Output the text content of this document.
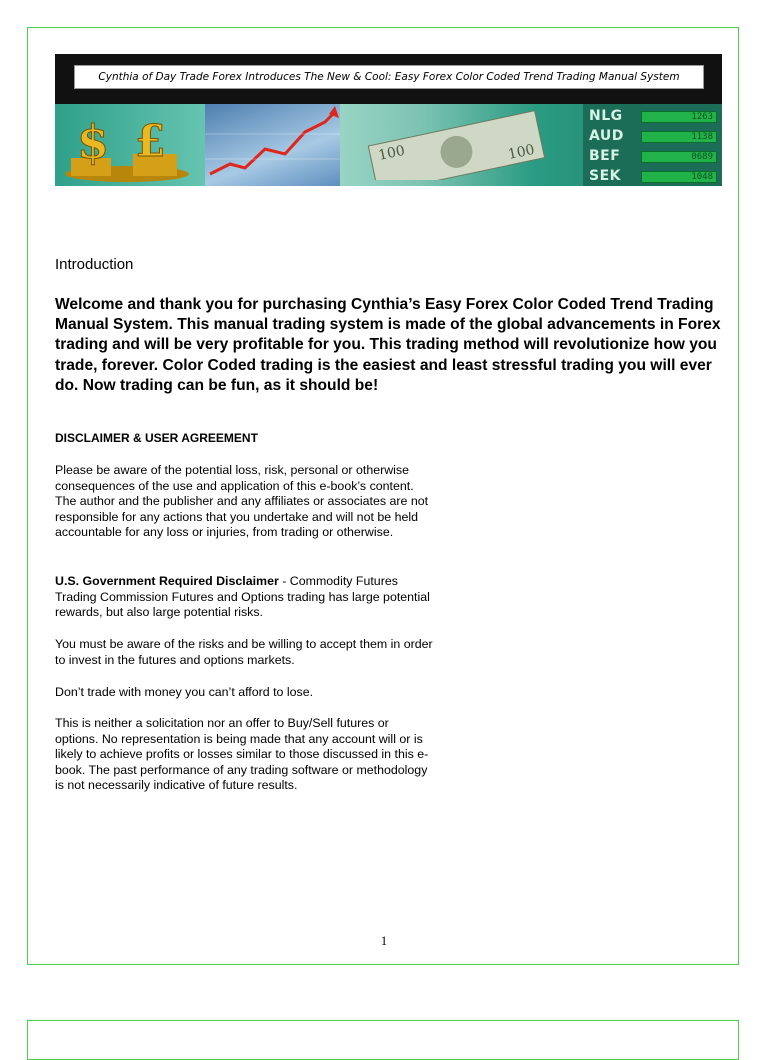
Cynthia of Day Trade Forex Introduces The New & Cool: Easy Forex Color Coded Trend Trading Manual System
$ £	100	100
NLG	1263
AUD	1138
BEF	0689
SEK	1048
Introduction
Welcome and thank you for purchasing Cynthia’s Easy Forex Color Coded Trend Trading Manual System. This manual trading system is made of the global advancements in Forex trading and will be very profitable for you. This trading method will revolutionize how you trade, forever. Color Coded trading is the easiest and least stressful trading you will ever do. Now trading can be fun, as it should be!
DISCLAIMER & USER AGREEMENT
Please be aware of the potential loss, risk, personal or otherwise consequences of the use and application of this e-book’s content. The author and the publisher and any affiliates or associates are not responsible for any actions that you undertake and will not be held accountable for any loss or injuries, from trading or otherwise.
U.S. Government Required Disclaimer - Commodity Futures Trading Commission Futures and Options trading has large potential rewards, but also large potential risks.
You must be aware of the risks and be willing to accept them in order to invest in the futures and options markets.
Don’t trade with money you can’t afford to lose.
This is neither a solicitation nor an offer to Buy/Sell futures or options. No representation is being made that any account will or is likely to achieve profits or losses similar to those discussed in this e-book. The past performance of any trading software or methodology is not necessarily indicative of future results.
1
